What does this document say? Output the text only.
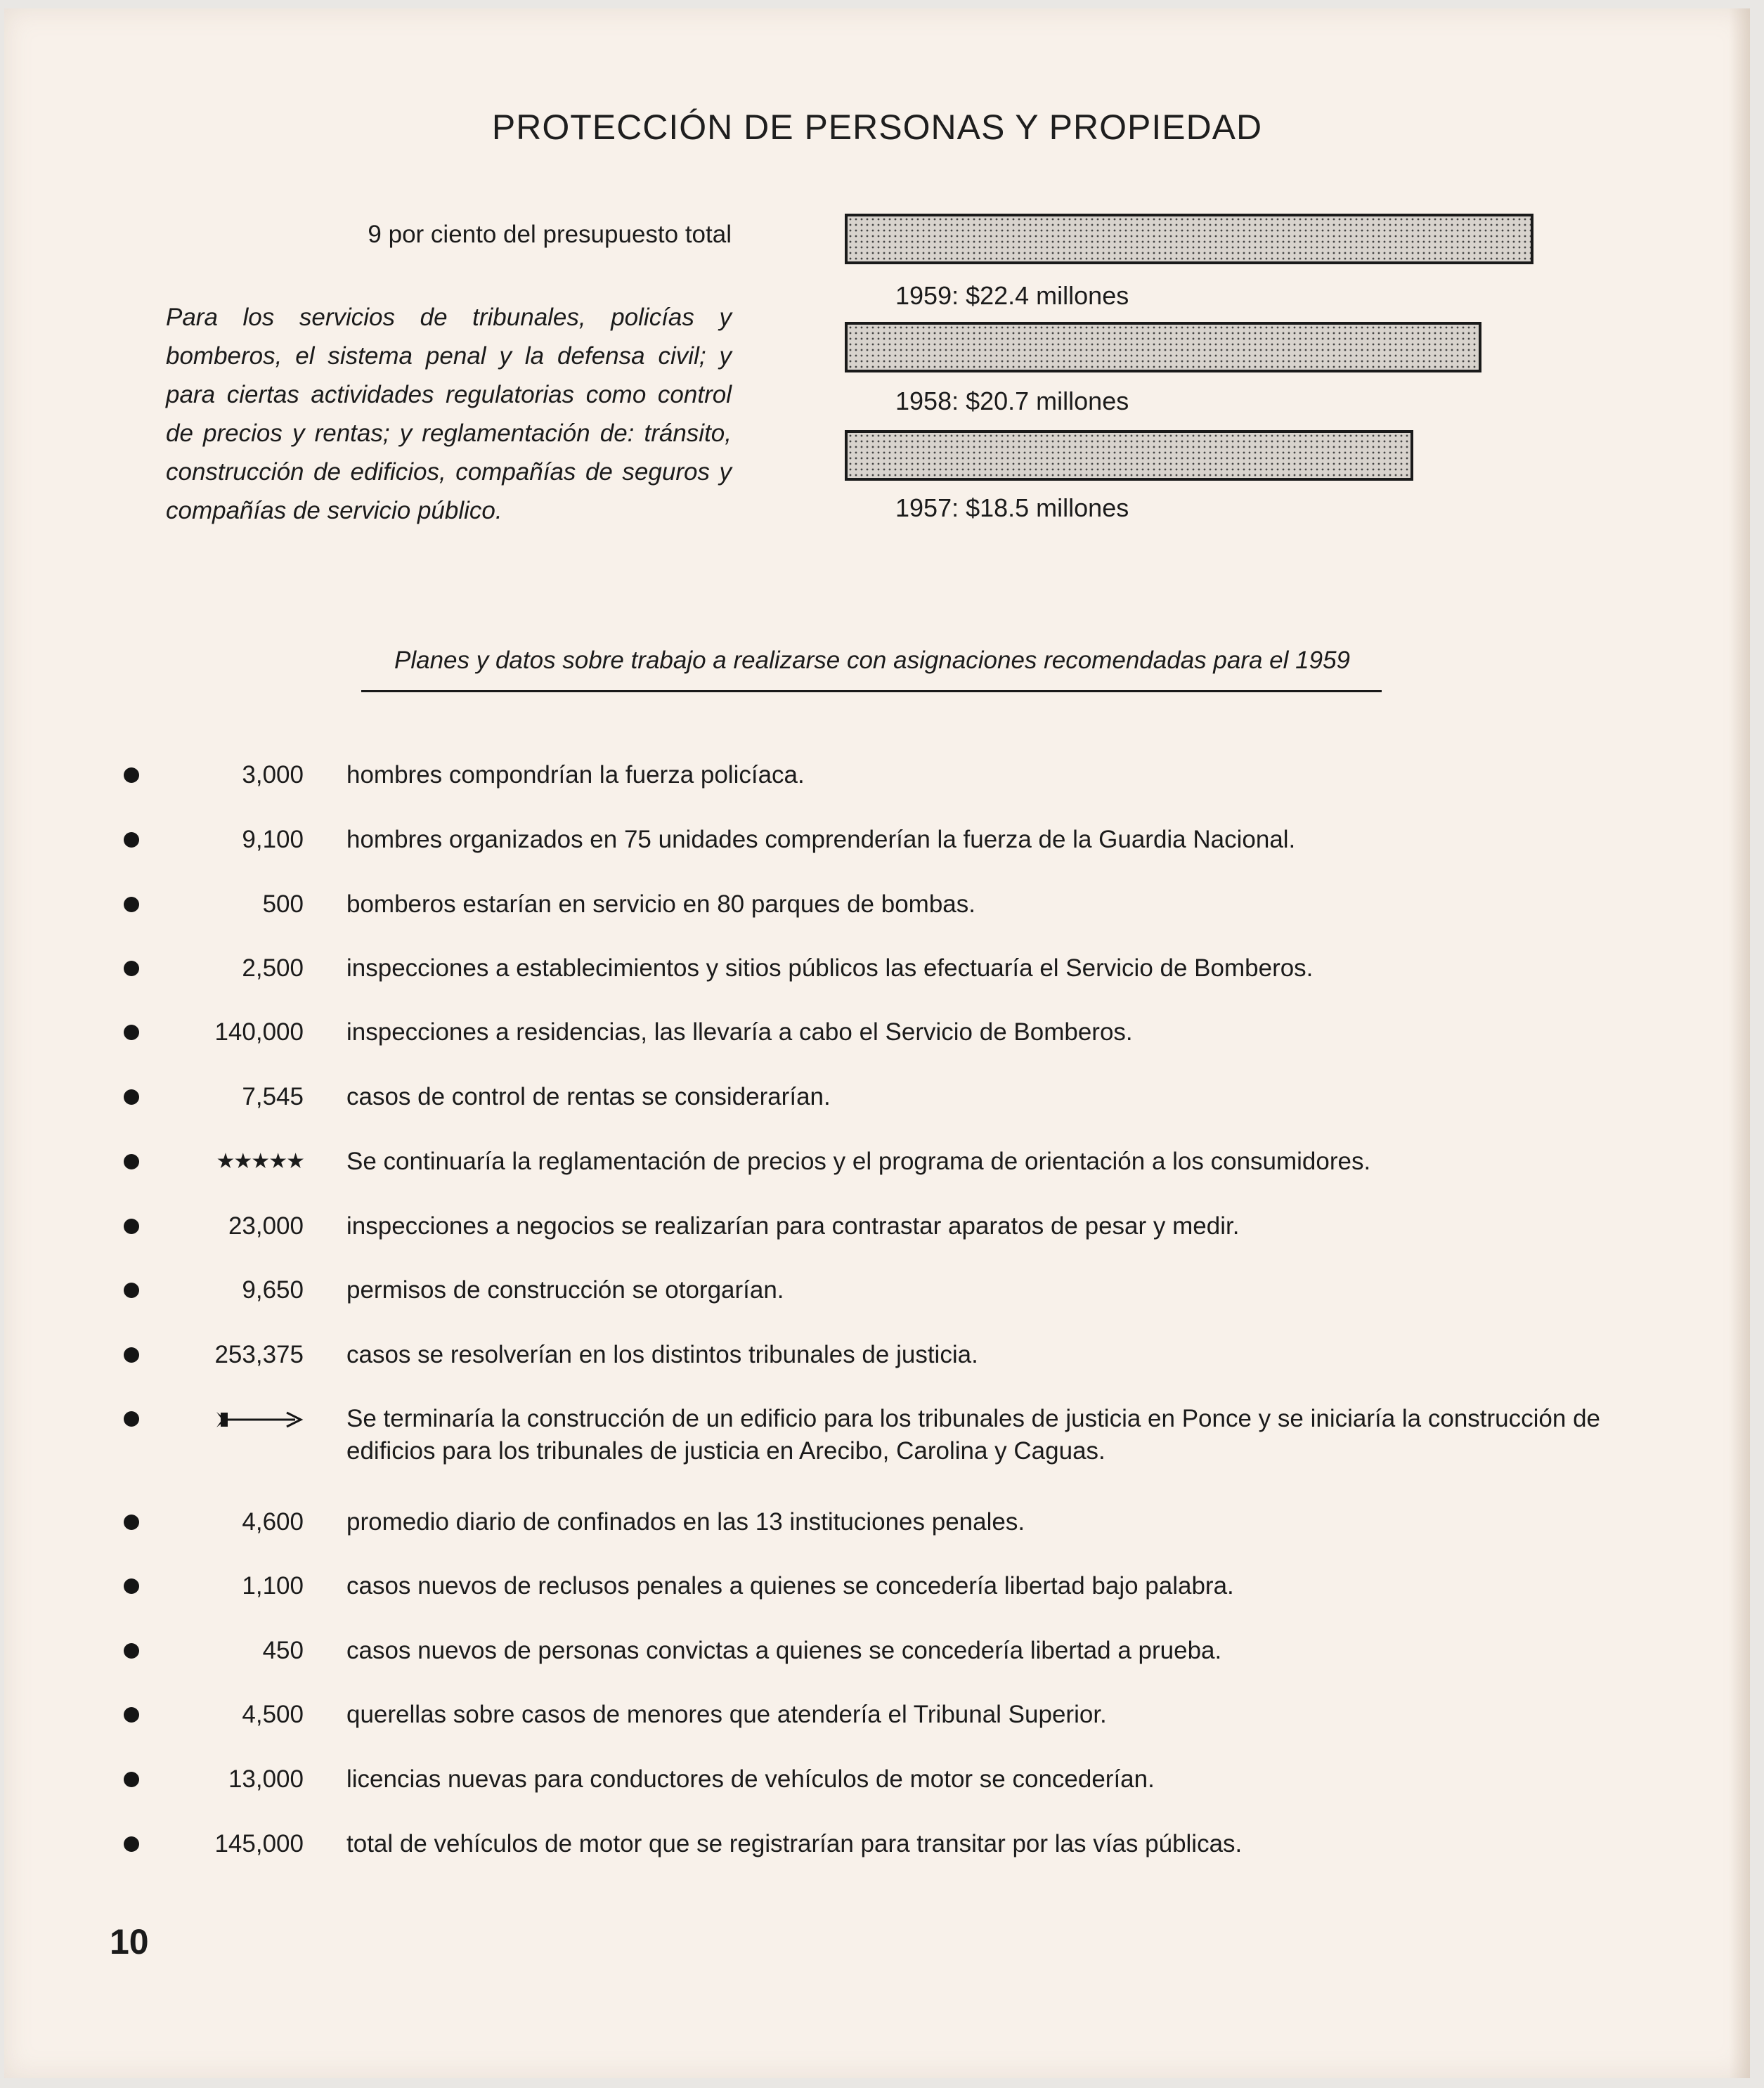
PROTECCIÓN DE PERSONAS Y PROPIEDAD
9 por ciento del presupuesto total
Para los servicios de tribunales, policías y bomberos, el sistema penal y la defensa civil; y para ciertas actividades regulatorias como control de precios y rentas; y reglamentación de: tránsito, construcción de edificios, compañías de seguros y compañías de servicio público.
1959: $22.4 millones
1958: $20.7 millones
1957: $18.5 millones
Planes y datos sobre trabajo a realizarse con asignaciones recomendadas para el 1959
3,000 hombres compondrían la fuerza policíaca.
9,100 hombres organizados en 75 unidades comprenderían la fuerza de la Guardia Nacional.
500 bomberos estarían en servicio en 80 parques de bombas.
2,500 inspecciones a establecimientos y sitios públicos las efectuaría el Servicio de Bomberos.
140,000 inspecciones a residencias, las llevaría a cabo el Servicio de Bomberos.
7,545 casos de control de rentas se considerarían.
★★★★★ Se continuaría la reglamentación de precios y el programa de orientación a los consumidores.
23,000 inspecciones a negocios se realizarían para contrastar aparatos de pesar y medir.
9,650 permisos de construcción se otorgarían.
253,375 casos se resolverían en los distintos tribunales de justicia.
Se terminaría la construcción de un edificio para los tribunales de justicia en Ponce y se iniciaría la construcción de edificios para los tribunales de justicia en Arecibo, Carolina y Caguas.
4,600 promedio diario de confinados en las 13 instituciones penales.
1,100 casos nuevos de reclusos penales a quienes se concedería libertad bajo palabra.
450 casos nuevos de personas convictas a quienes se concedería libertad a prueba.
4,500 querellas sobre casos de menores que atendería el Tribunal Superior.
13,000 licencias nuevas para conductores de vehículos de motor se concederían.
145,000 total de vehículos de motor que se registrarían para transitar por las vías públicas.
10
